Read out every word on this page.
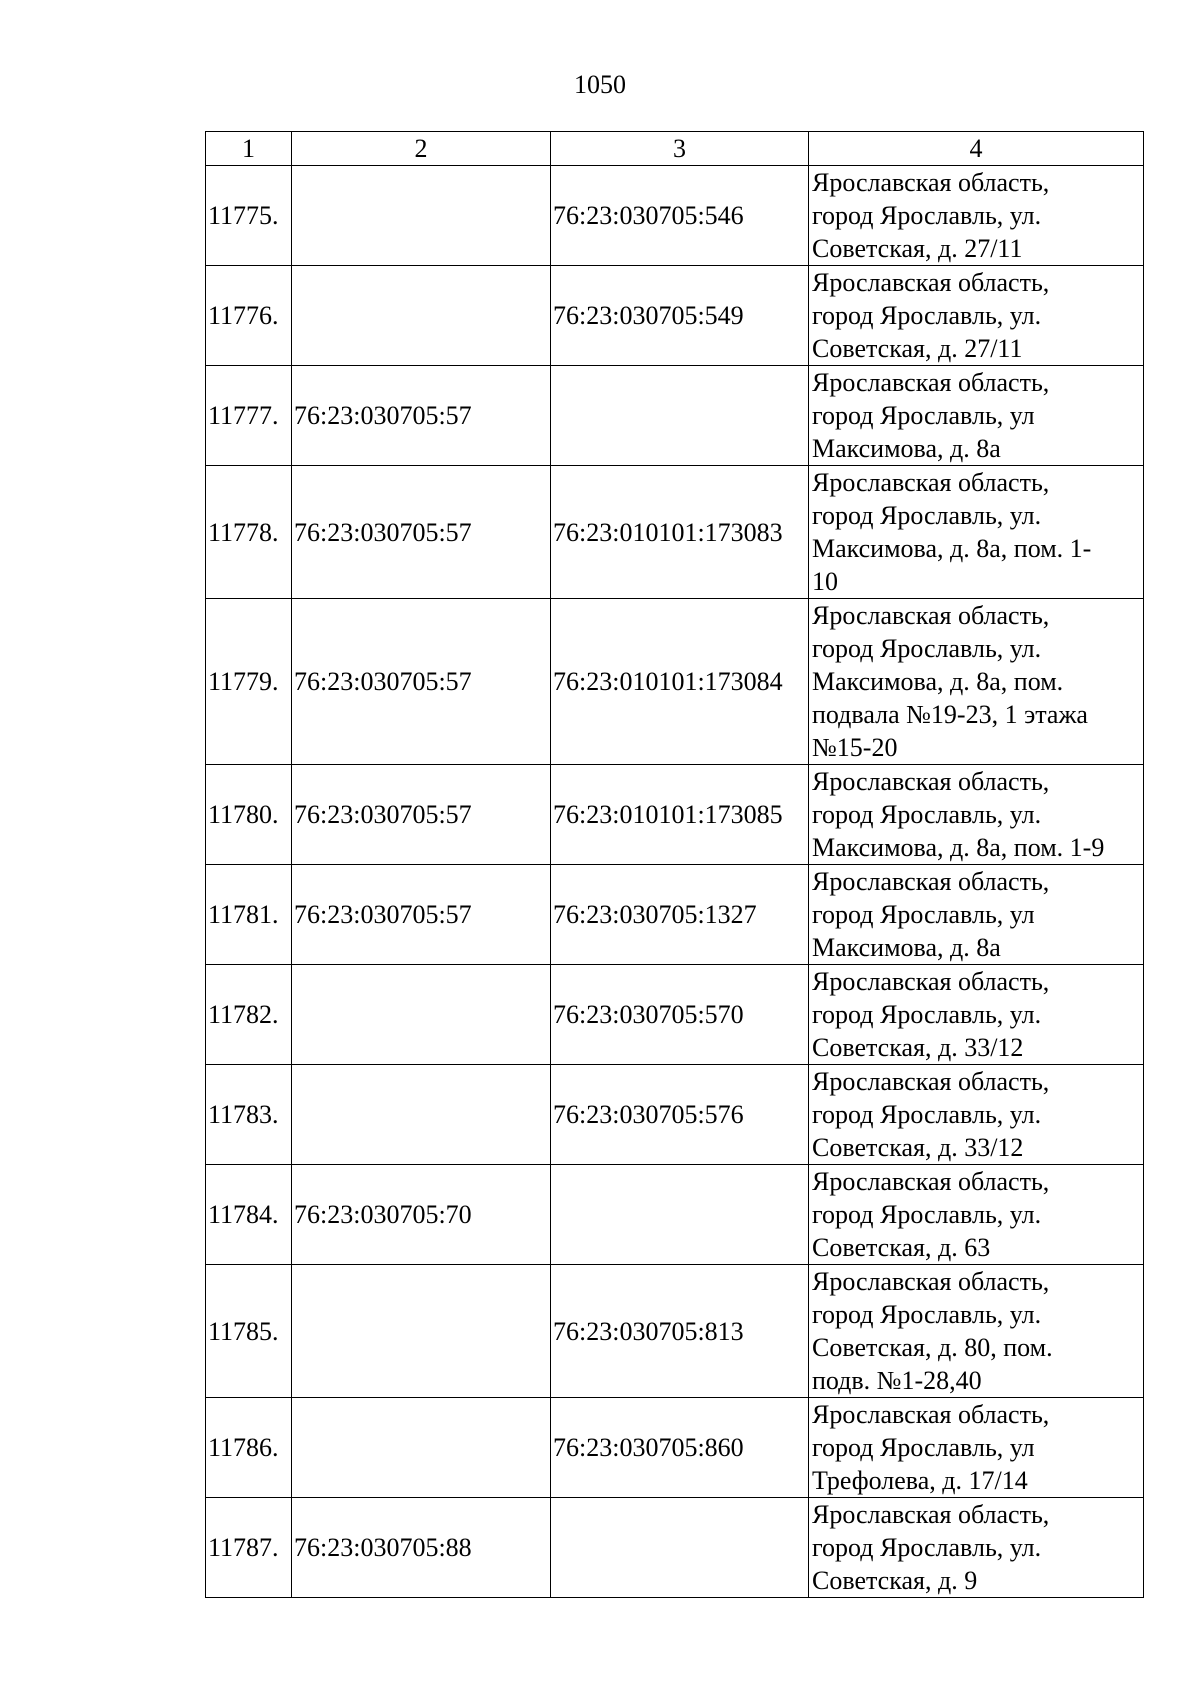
1050
1	2	3	4
11775.		76:23:030705:546	Ярославская область,
город Ярославль, ул.
Советская, д. 27/11

11776.		76:23:030705:549	Ярославская область,
город Ярославль, ул.
Советская, д. 27/11

11777.	76:23:030705:57		Ярославская область,
город Ярославль, ул
Максимова, д. 8а

11778.	76:23:030705:57	76:23:010101:173083	Ярославская область,
город Ярославль, ул.
Максимова, д. 8а, пом. 1-
10

11779.	76:23:030705:57	76:23:010101:173084	Ярославская область,
город Ярославль, ул.
Максимова, д. 8а, пом.
подвала №19-23, 1 этажа
№15-20

11780.	76:23:030705:57	76:23:010101:173085	Ярославская область,
город Ярославль, ул.
Максимова, д. 8а, пом. 1-9

11781.	76:23:030705:57	76:23:030705:1327	Ярославская область,
город Ярославль, ул
Максимова, д. 8а

11782.		76:23:030705:570	Ярославская область,
город Ярославль, ул.
Советская, д. 33/12

11783.		76:23:030705:576	Ярославская область,
город Ярославль, ул.
Советская, д. 33/12

11784.	76:23:030705:70		Ярославская область,
город Ярославль, ул.
Советская, д. 63

11785.		76:23:030705:813	Ярославская область,
город Ярославль, ул.
Советская, д. 80, пом.
подв. №1-28,40

11786.		76:23:030705:860	Ярославская область,
город Ярославль, ул
Трефолева, д. 17/14

11787.	76:23:030705:88		Ярославская область,
город Ярославль, ул.
Советская, д. 9
